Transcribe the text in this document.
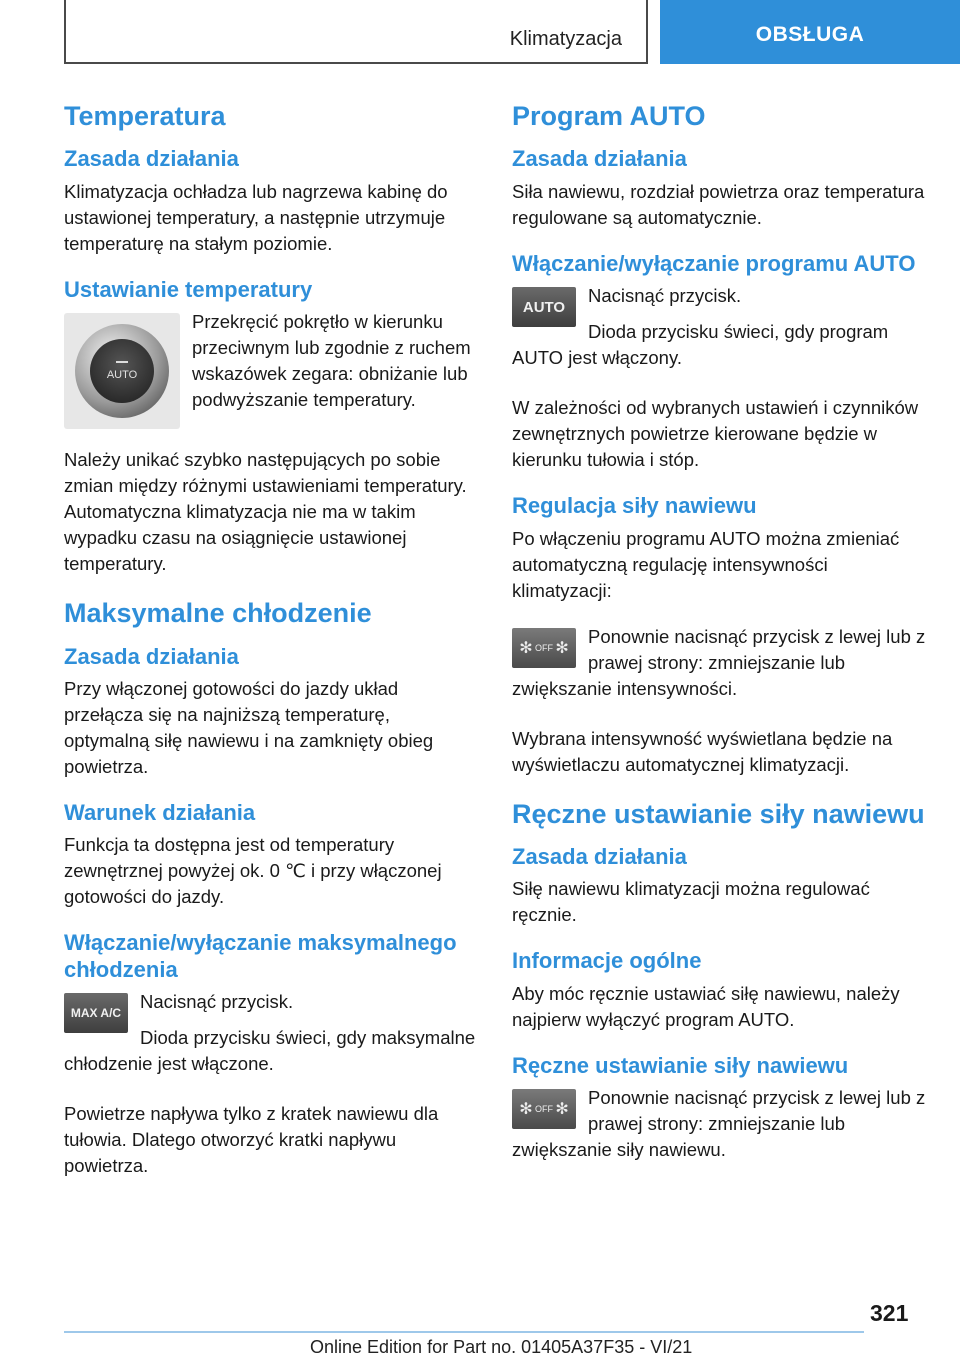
Klimatyzacja	OBSŁUGA
Temperatura
Zasada działania

Klimatyzacja ochładza lub nagrzewa kabinę do ustawionej temperatury, a następnie utrzymuje temperaturę na stałym poziomie.

Ustawianie temperatury
AUTO

Przekręcić pokrętło w kierunku przeciwnym lub zgodnie z ruchem wskazówek zegara: obniżanie lub podwyższanie temperatury.

Należy unikać szybko następujących po sobie zmian między różnymi ustawieniami temperatury. Automatyczna klimatyzacja nie ma w takim wypadku czasu na osiągnięcie ustawionej temperatury.

Maksymalne chłodzenie
Zasada działania

Przy włączonej gotowości do jazdy układ przełącza się na najniższą temperaturę, optymalną siłę nawiewu i na zamknięty obieg powietrza.

Warunek działania

Funkcja ta dostępna jest od temperatury zewnętrznej powyżej ok. 0 ℃ i przy włączonej gotowości do jazdy.

Włączanie/wyłączanie maksymalnego chłodzenia
MAX A/C

Nacisnąć przycisk.

Dioda przycisku świeci, gdy maksymalne chłodzenie jest włączone.

Powietrze napływa tylko z kratek nawiewu dla tułowia. Dlatego otworzyć kratki napływu powietrza.

Program AUTO
Zasada działania

Siła nawiewu, rozdział powietrza oraz temperatura regulowane są automatycznie.

Włączanie/wyłączanie programu AUTO
AUTO

Nacisnąć przycisk.

Dioda przycisku świeci, gdy program AUTO jest włączony.

W zależności od wybranych ustawień i czynników zewnętrznych powietrze kierowane będzie w kierunku tułowia i stóp.

Regulacja siły nawiewu

Po włączeniu programu AUTO można zmieniać automatyczną regulację intensywności klimatyzacji:

✻ OFF ✻

Ponownie nacisnąć przycisk z lewej lub z prawej strony: zmniejszanie lub zwiększanie intensywności.

Wybrana intensywność wyświetlana będzie na wyświetlaczu automatycznej klimatyzacji.

Ręczne ustawianie siły nawiewu
Zasada działania

Siłę nawiewu klimatyzacji można regulować ręcznie.

Informacje ogólne

Aby móc ręcznie ustawiać siłę nawiewu, należy najpierw wyłączyć program AUTO.

Ręczne ustawianie siły nawiewu
✻ OFF ✻

Ponownie nacisnąć przycisk z lewej lub z prawej strony: zmniejszanie lub zwiększanie siły nawiewu.

321
Online Edition for Part no. 01405A37F35 - VI/21
